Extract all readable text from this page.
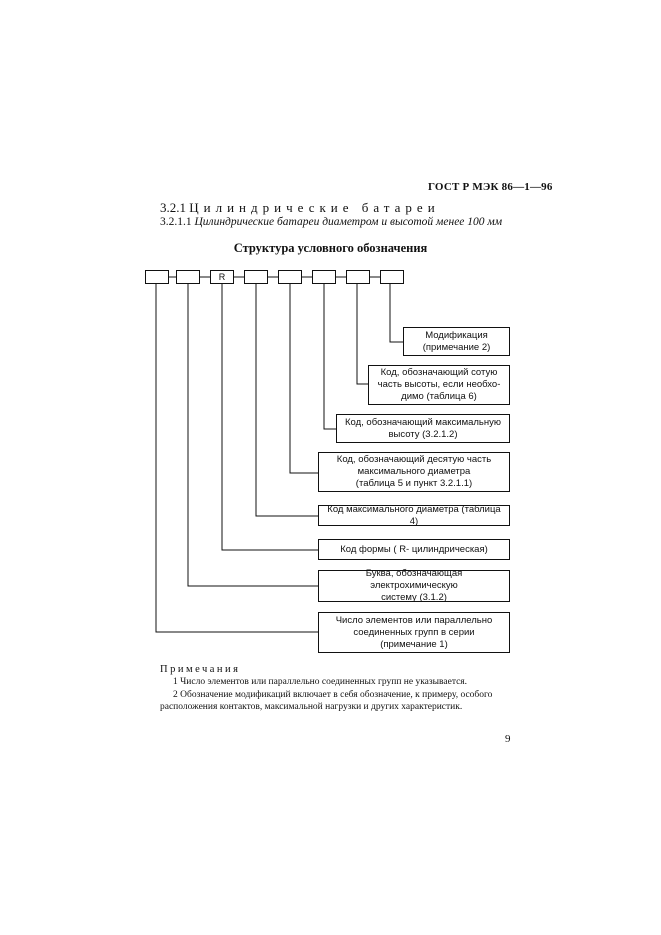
ГОСТ Р МЭК 86—1—96
3.2.1 Цилиндрические батареи
3.2.1.1 Цилиндрические батареи диаметром и высотой менее 100 мм
Структура условного обозначения
R
Модификация
(примечание 2)
Код, обозначающий сотую
часть высоты, если необхо-
димо (таблица 6)
Код, обозначающий максимальную
высоту (3.2.1.2)
Код, обозначающий десятую часть
максимального диаметра
(таблица 5 и пункт 3.2.1.1)
Код максимального диаметра (таблица 4)
Код формы ( R- цилиндрическая)
Буква, обозначающая электрохимическую
систему (3.1.2)
Число элементов или параллельно
соединенных групп в серии
(примечание 1)
Примечания
1 Число элементов или параллельно соединенных групп не указывается.
2 Обозначение модификаций включает в себя обозначение, к примеру, особого
расположения контактов, максимальной нагрузки и других характеристик.
9
